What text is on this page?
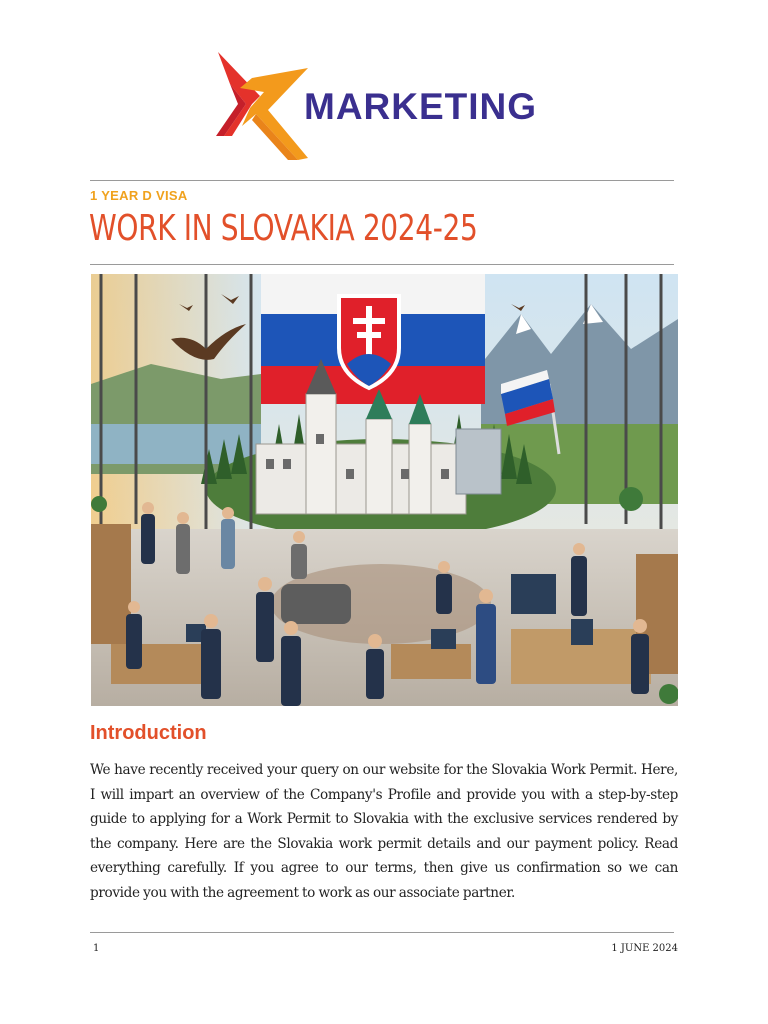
MARKETING
1 YEAR D VISA
WORK IN SLOVAKIA 2024-25
Introduction

We have recently received your query on our website for the Slovakia Work Permit. Here, I will impart an overview of the Company's Profile and provide you with a step-by-step guide to applying for a Work Permit to Slovakia with the exclusive services rendered by the company. Here are the Slovakia work permit details and our payment policy. Read everything carefully. If you agree to our terms, then give us confirmation so we can provide you with the agreement to work as our associate partner.

1	1 JUNE 2024
